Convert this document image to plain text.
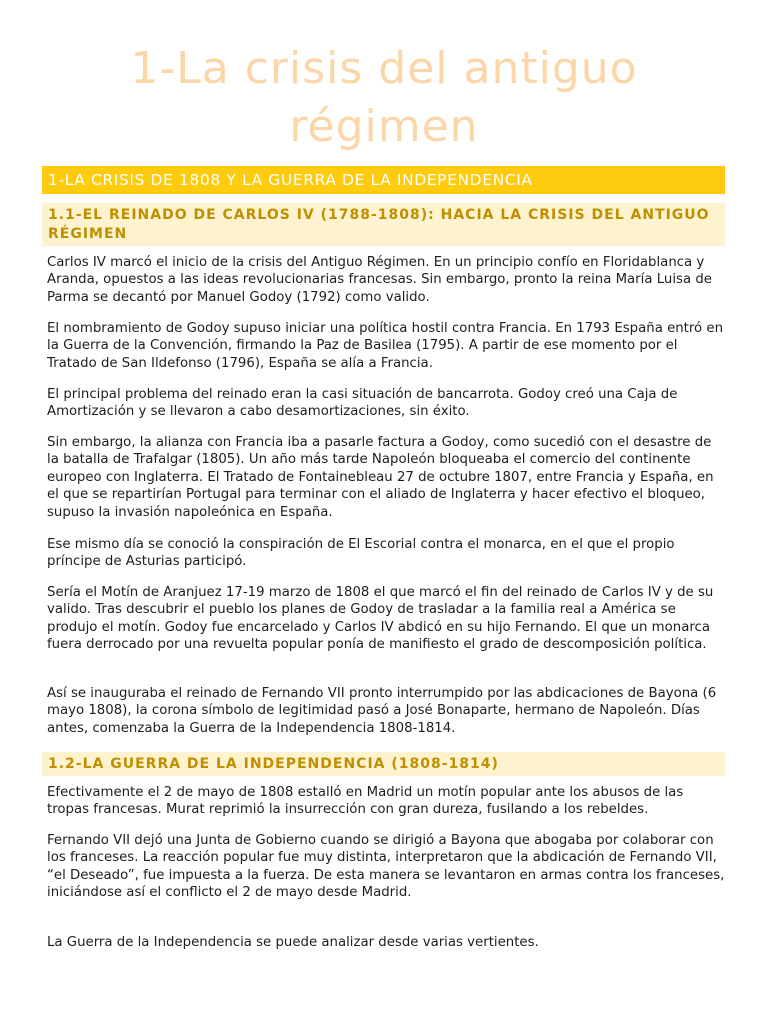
1-La crisis del antiguo régimen
1-LA CRISIS DE 1808 Y LA GUERRA DE LA INDEPENDENCIA
1.1-EL REINADO DE CARLOS IV (1788-1808): HACIA LA CRISIS DEL ANTIGUO RÉGIMEN

Carlos IV marcó el inicio de la crisis del Antiguo Régimen. En un principio confío en Floridablanca y Aranda, opuestos a las ideas revolucionarias francesas. Sin embargo, pronto la reina María Luisa de Parma se decantó por Manuel Godoy (1792) como valido.

El nombramiento de Godoy supuso iniciar una política hostil contra Francia. En 1793 España entró en la Guerra de la Convención, firmando la Paz de Basilea (1795). A partir de ese momento por el Tratado de San Ildefonso (1796), España se alía a Francia.

El principal problema del reinado eran la casi situación de bancarrota. Godoy creó una Caja de Amortización y se llevaron a cabo desamortizaciones, sin éxito.

Sin embargo, la alianza con Francia iba a pasarle factura a Godoy, como sucedió con el desastre de la batalla de Trafalgar (1805). Un año más tarde Napoleón bloqueaba el comercio del continente europeo con Inglaterra. El Tratado de Fontainebleau 27 de octubre 1807, entre Francia y España, en el que se repartirían Portugal para terminar con el aliado de Inglaterra y hacer efectivo el bloqueo, supuso la invasión napoleónica en España.

Ese mismo día se conoció la conspiración de El Escorial contra el monarca, en el que el propio príncipe de Asturias participó.

Sería el Motín de Aranjuez 17-19 marzo de 1808 el que marcó el fin del reinado de Carlos IV y de su valido. Tras descubrir el pueblo los planes de Godoy de trasladar a la familia real a América se produjo el motín. Godoy fue encarcelado y Carlos IV abdicó en su hijo Fernando. El que un monarca fuera derrocado por una revuelta popular ponía de manifiesto el grado de descomposición política.

Así se inauguraba el reinado de Fernando VII pronto interrumpido por las abdicaciones de Bayona (6 mayo 1808), la corona símbolo de legitimidad pasó a José Bonaparte, hermano de Napoleón. Días antes, comenzaba la Guerra de la Independencia 1808-1814.

1.2-LA GUERRA DE LA INDEPENDENCIA (1808-1814)

Efectivamente el 2 de mayo de 1808 estalló en Madrid un motín popular ante los abusos de las tropas francesas. Murat reprimió la insurrección con gran dureza, fusilando a los rebeldes.

Fernando VII dejó una Junta de Gobierno cuando se dirigió a Bayona que abogaba por colaborar con los franceses. La reacción popular fue muy distinta, interpretaron que la abdicación de Fernando VII, “el Deseado”, fue impuesta a la fuerza. De esta manera se levantaron en armas contra los franceses, iniciándose así el conflicto el 2 de mayo desde Madrid.

La Guerra de la Independencia se puede analizar desde varias vertientes.
